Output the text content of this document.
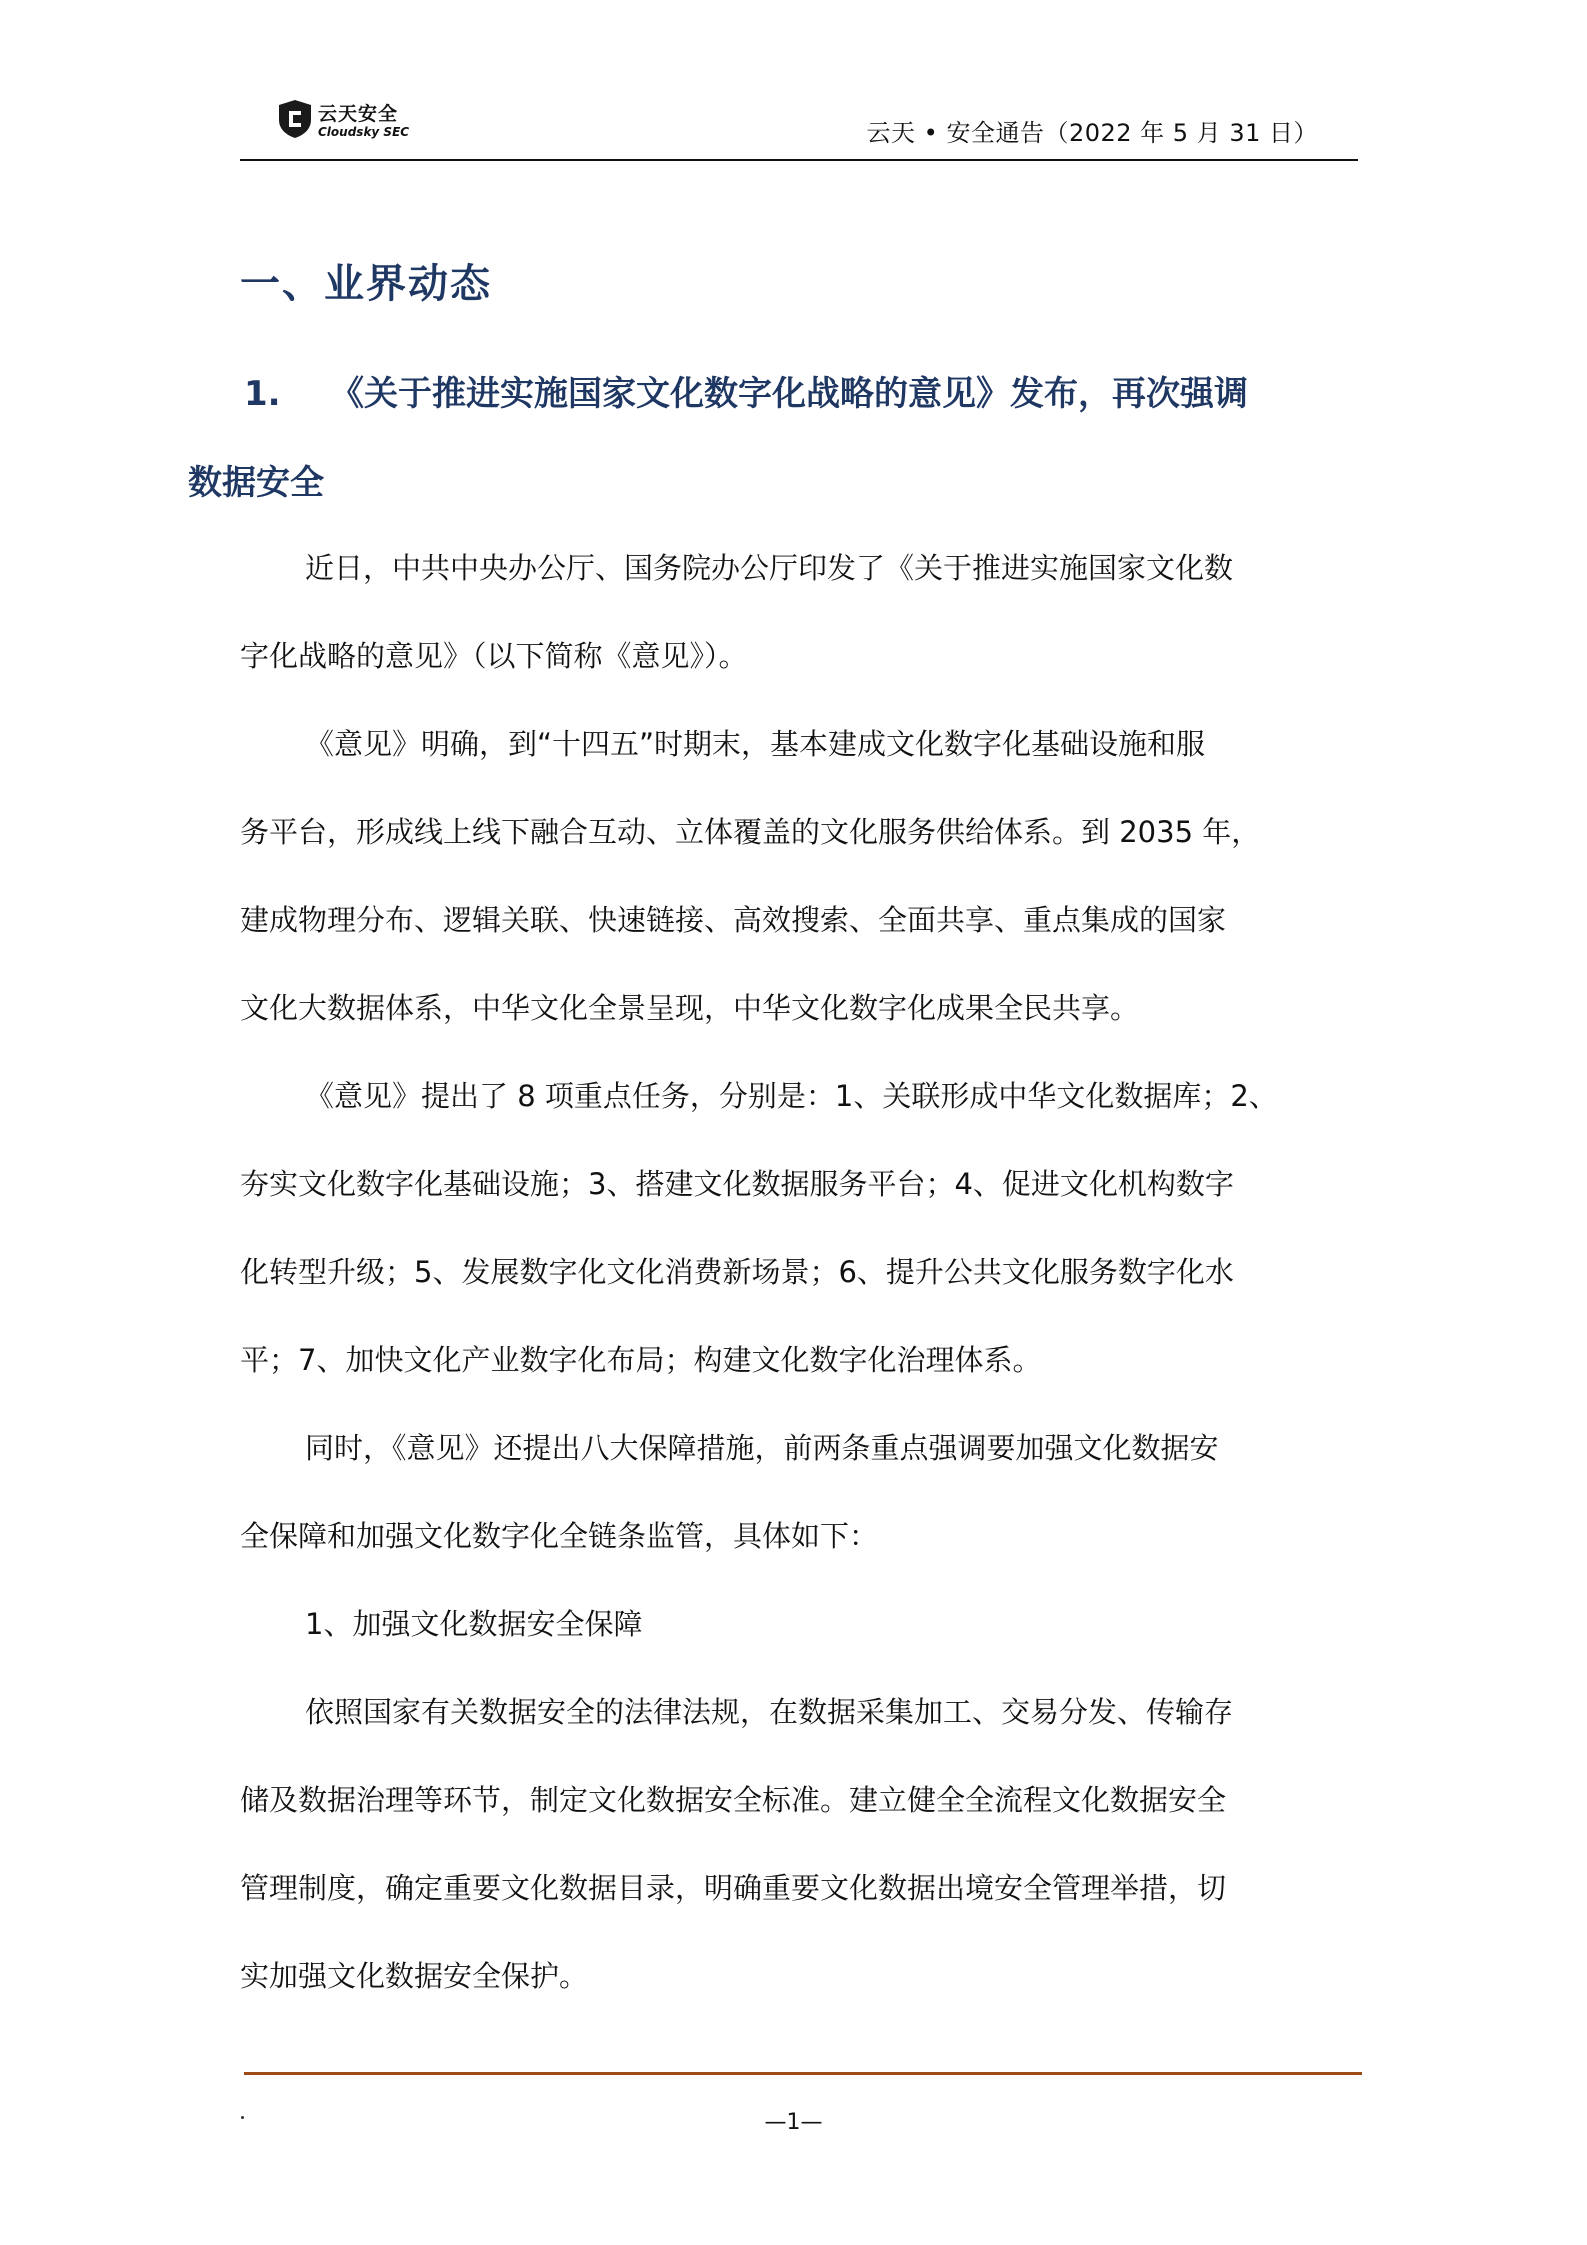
云天安全
Cloudsky SEC	云天 • 安全通告（2022 年 5 月 31 日）
一、业界动态
1. 《关于推进实施国家文化数字化战略的意见》发布，再次强调
数据安全
近日，中共中央办公厅、国务院办公厅印发了《关于推进实施国家文化数
字化战略的意见》（以下简称《意见》）。
《意见》明确，到“十四五”时期末，基本建成文化数字化基础设施和服
务平台，形成线上线下融合互动、立体覆盖的文化服务供给体系。到 2035 年，
建成物理分布、逻辑关联、快速链接、高效搜索、全面共享、重点集成的国家
文化大数据体系，中华文化全景呈现，中华文化数字化成果全民共享。
《意见》提出了 8 项重点任务，分别是：1、关联形成中华文化数据库；2、
夯实文化数字化基础设施；3、搭建文化数据服务平台；4、促进文化机构数字
化转型升级；5、发展数字化文化消费新场景；6、提升公共文化服务数字化水
平；7、加快文化产业数字化布局；构建文化数字化治理体系。
同时，《意见》还提出八大保障措施，前两条重点强调要加强文化数据安
全保障和加强文化数字化全链条监管，具体如下：
1、加强文化数据安全保障
依照国家有关数据安全的法律法规，在数据采集加工、交易分发、传输存
储及数据治理等环节，制定文化数据安全标准。建立健全全流程文化数据安全
管理制度，确定重要文化数据目录，明确重要文化数据出境安全管理举措，切
实加强文化数据安全保护。
—1—
